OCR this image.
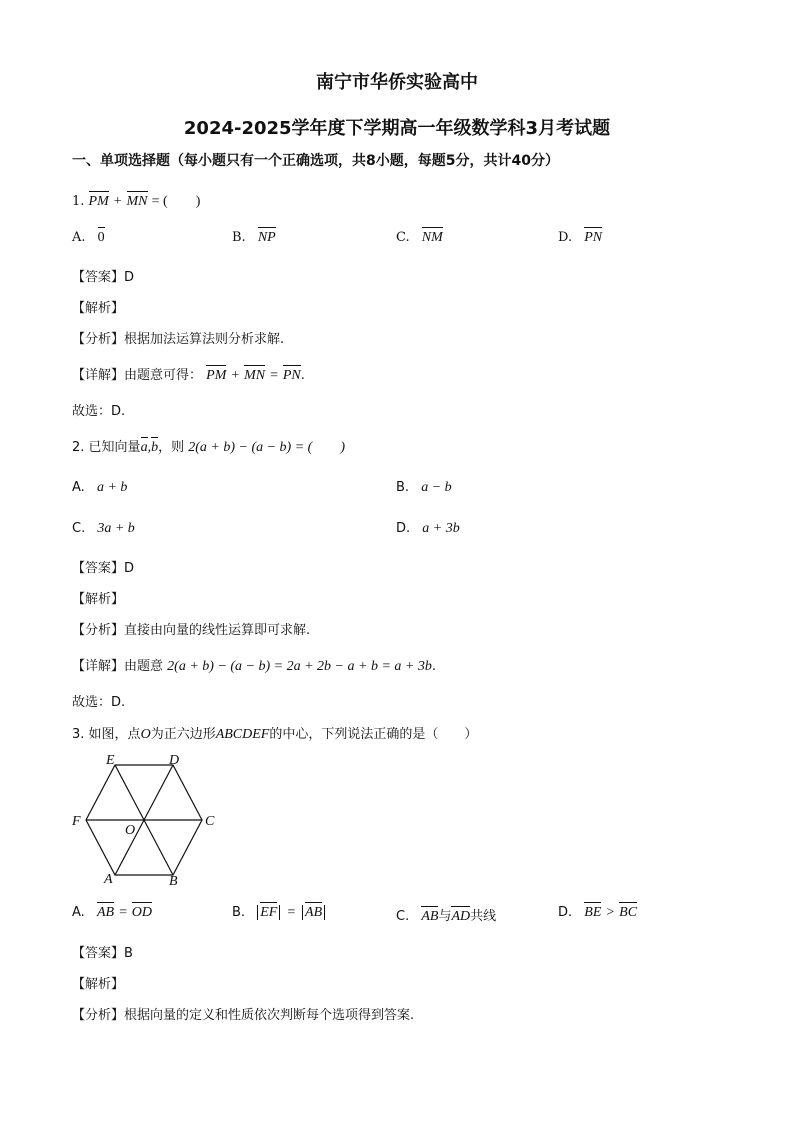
南宁市华侨实验高中
2024-2025学年度下学期高一年级数学科3月考试题
一、单项选择题（每小题只有一个正确选项，共8小题，每题5分，共计40分）
1. PM + MN = (　　)
A. 0	B. NP	C. NM	D. PN
【答案】D
【解析】
【分析】根据加法运算法则分析求解.
【详解】由题意可得： PM + MN = PN.
故选：D.
2. 已知向量a,b，则 2(a + b) − (a − b) = (　　)
A. a + b	B. a − b
C. 3a + b	D. a + 3b
【答案】D
【解析】
【分析】直接由向量的线性运算即可求解.
【详解】由题意 2(a + b) − (a − b) = 2a + 2b − a + b = a + 3b.
故选：D.
3. 如图，点O为正六边形ABCDEF的中心，下列说法正确的是（　　）
E	D
F
O
C
A	B
A. AB = OD	B. EF = AB	C. AB与AD共线	D. BE > BC
【答案】B
【解析】
【分析】根据向量的定义和性质依次判断每个选项得到答案.
